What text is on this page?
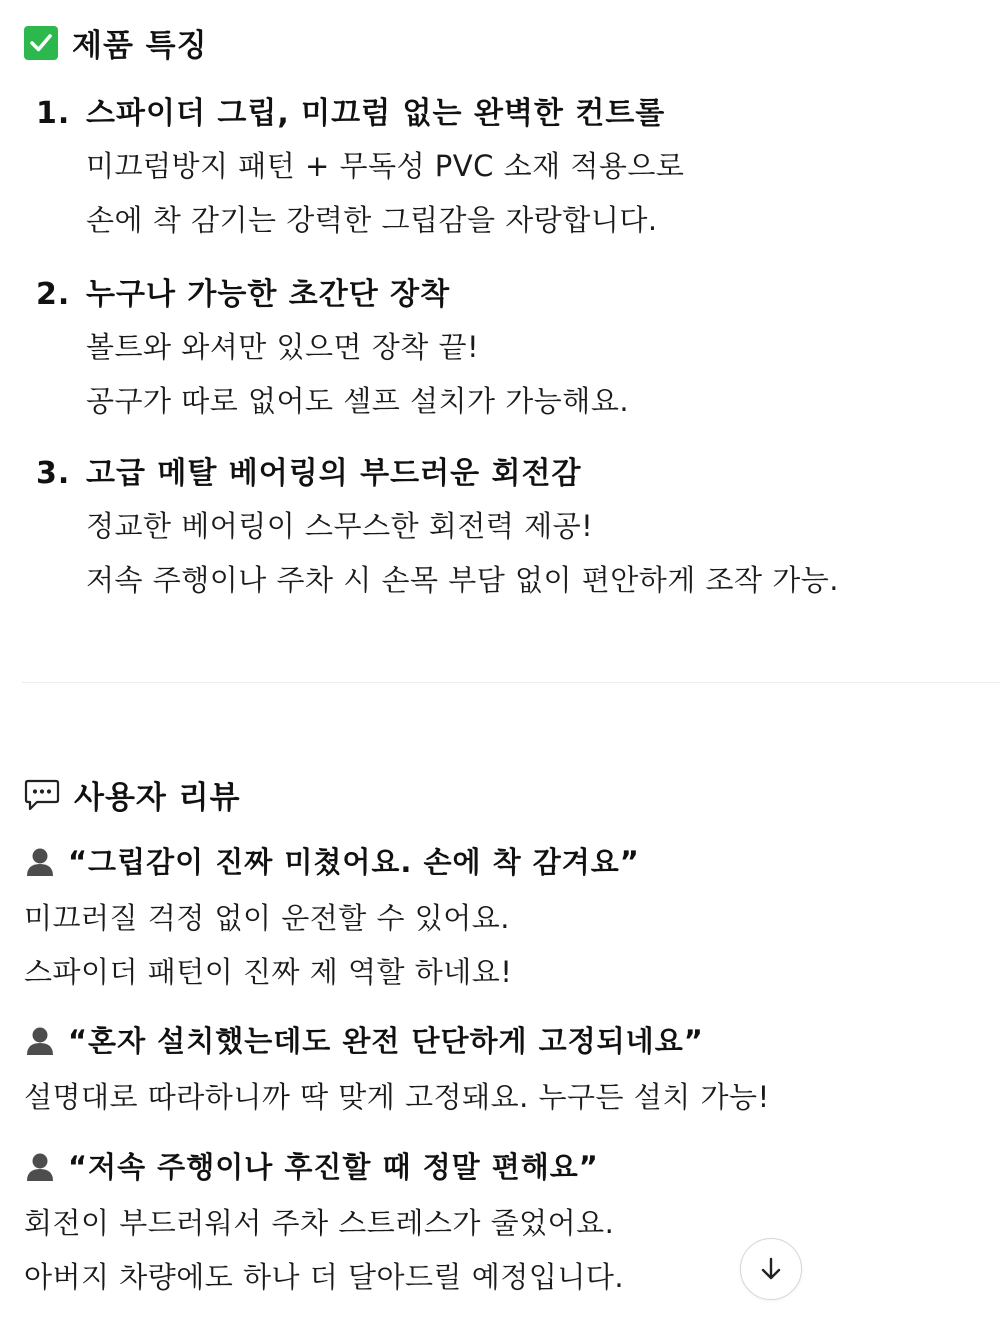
제품 특징
1. 스파이더 그립, 미끄럼 없는 완벽한 컨트롤
미끄럼방지 패턴 + 무독성 PVC 소재 적용으로
손에 착 감기는 강력한 그립감을 자랑합니다.
2. 누구나 가능한 초간단 장착
볼트와 와셔만 있으면 장착 끝!
공구가 따로 없어도 셀프 설치가 가능해요.
3. 고급 메탈 베어링의 부드러운 회전감
정교한 베어링이 스무스한 회전력 제공!
저속 주행이나 주차 시 손목 부담 없이 편안하게 조작 가능.
사용자 리뷰
“그립감이 진짜 미쳤어요. 손에 착 감겨요”
미끄러질 걱정 없이 운전할 수 있어요.
스파이더 패턴이 진짜 제 역할 하네요!
“혼자 설치했는데도 완전 단단하게 고정되네요”
설명대로 따라하니까 딱 맞게 고정돼요. 누구든 설치 가능!
“저속 주행이나 후진할 때 정말 편해요”
회전이 부드러워서 주차 스트레스가 줄었어요.
아버지 차량에도 하나 더 달아드릴 예정입니다.
